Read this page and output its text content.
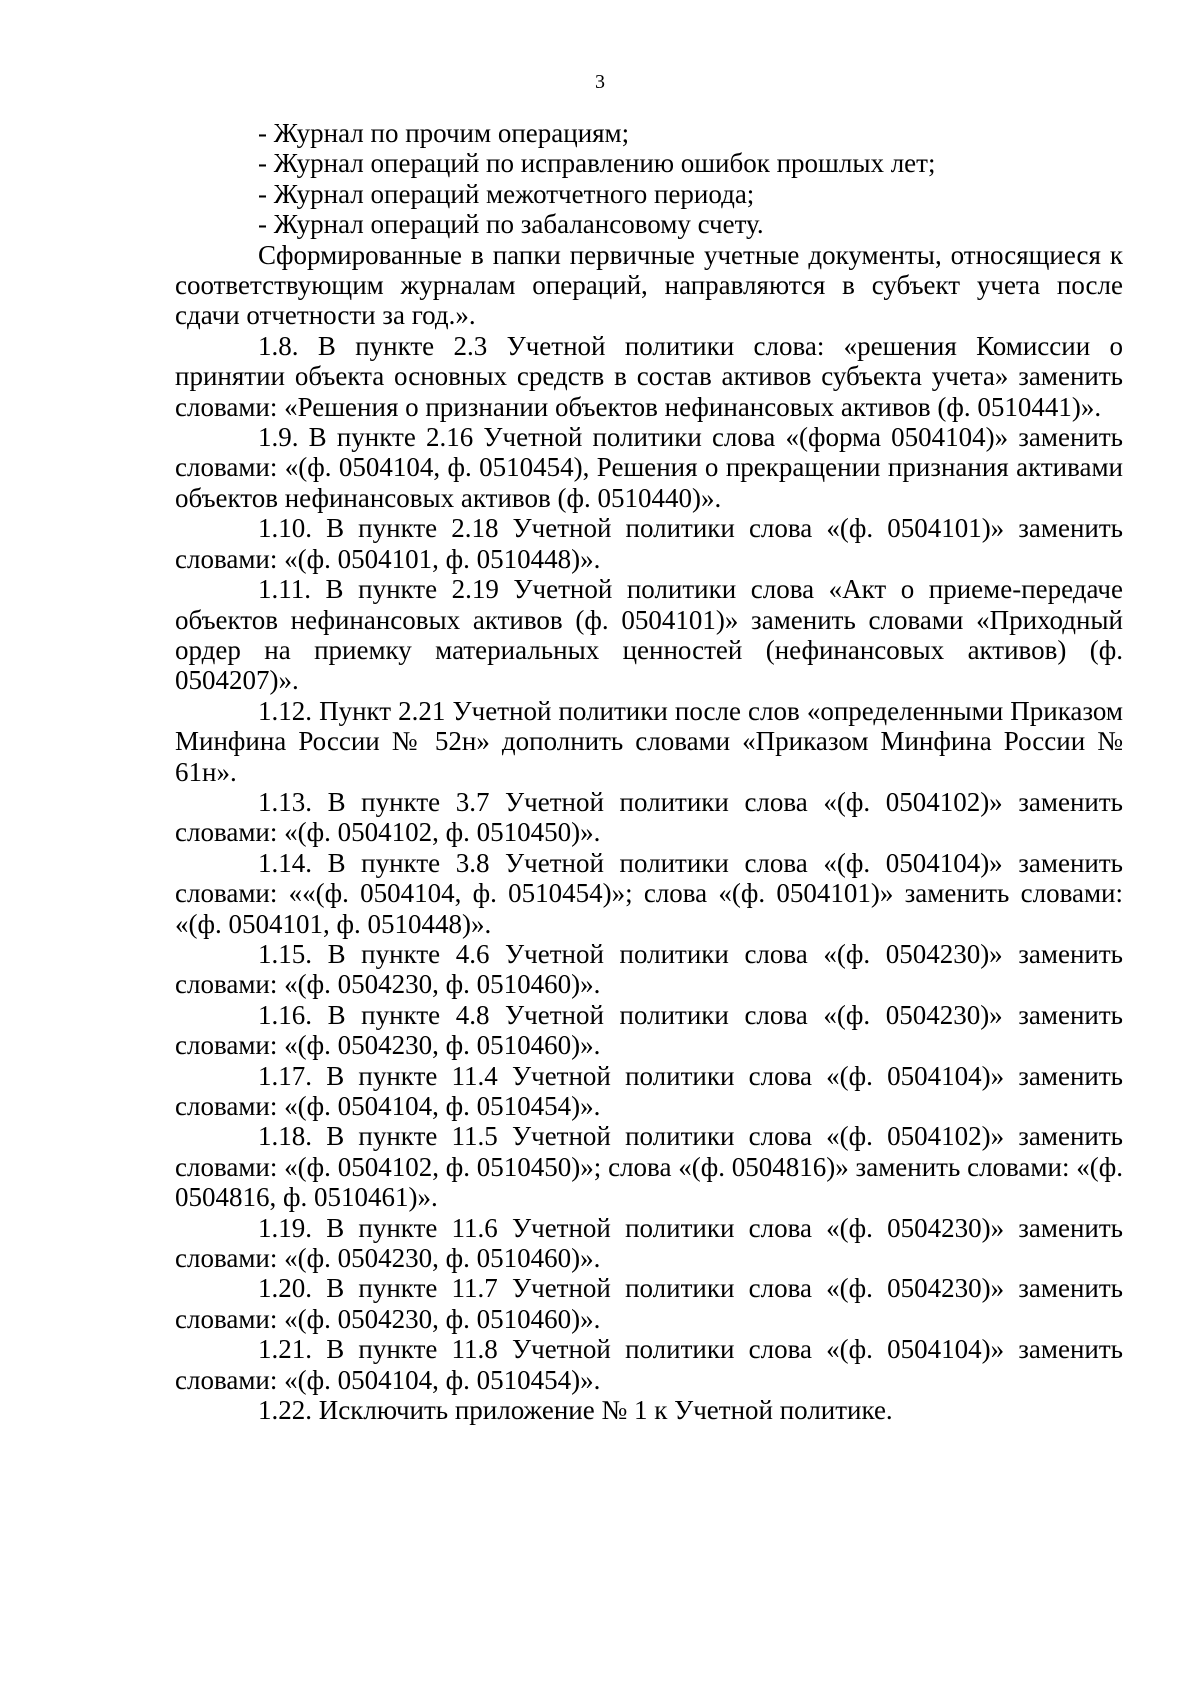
3

- Журнал по прочим операциям;

- Журнал операций по исправлению ошибок прошлых лет;

- Журнал операций межотчетного периода;

- Журнал операций по забалансовому счету.

Сформированные в папки первичные учетные документы, относящиеся к соответствующим журналам операций, направляются в субъект учета после сдачи отчетности за год.».

1.8. В пункте 2.3 Учетной политики слова: «решения Комиссии о принятии объекта основных средств в состав активов субъекта учета» заменить словами: «Решения о признании объектов нефинансовых активов (ф. 0510441)».

1.9. В пункте 2.16 Учетной политики слова «(форма 0504104)» заменить словами: «(ф. 0504104, ф. 0510454), Решения о прекращении признания активами объектов нефинансовых активов (ф. 0510440)».

1.10. В пункте 2.18 Учетной политики слова «(ф. 0504101)» заменить словами: «(ф. 0504101, ф. 0510448)».

1.11. В пункте 2.19 Учетной политики слова «Акт о приеме-передаче объектов нефинансовых активов (ф. 0504101)» заменить словами «Приходный ордер на приемку материальных ценностей (нефинансовых активов) (ф. 0504207)».

1.12. Пункт 2.21 Учетной политики после слов «определенными Приказом Минфина России № 52н» дополнить словами «Приказом Минфина России № 61н».

1.13. В пункте 3.7 Учетной политики слова «(ф. 0504102)» заменить словами: «(ф. 0504102, ф. 0510450)».

1.14. В пункте 3.8 Учетной политики слова «(ф. 0504104)» заменить словами: ««(ф. 0504104, ф. 0510454)»; слова «(ф. 0504101)» заменить словами: «(ф. 0504101, ф. 0510448)».

1.15. В пункте 4.6 Учетной политики слова «(ф. 0504230)» заменить словами: «(ф. 0504230, ф. 0510460)».

1.16. В пункте 4.8 Учетной политики слова «(ф. 0504230)» заменить словами: «(ф. 0504230, ф. 0510460)».

1.17. В пункте 11.4 Учетной политики слова «(ф. 0504104)» заменить словами: «(ф. 0504104, ф. 0510454)».

1.18. В пункте 11.5 Учетной политики слова «(ф. 0504102)» заменить словами: «(ф. 0504102, ф. 0510450)»; слова «(ф. 0504816)» заменить словами: «(ф. 0504816, ф. 0510461)».

1.19. В пункте 11.6 Учетной политики слова «(ф. 0504230)» заменить словами: «(ф. 0504230, ф. 0510460)».

1.20. В пункте 11.7 Учетной политики слова «(ф. 0504230)» заменить словами: «(ф. 0504230, ф. 0510460)».

1.21. В пункте 11.8 Учетной политики слова «(ф. 0504104)» заменить словами: «(ф. 0504104, ф. 0510454)».

1.22. Исключить приложение № 1 к Учетной политике.
